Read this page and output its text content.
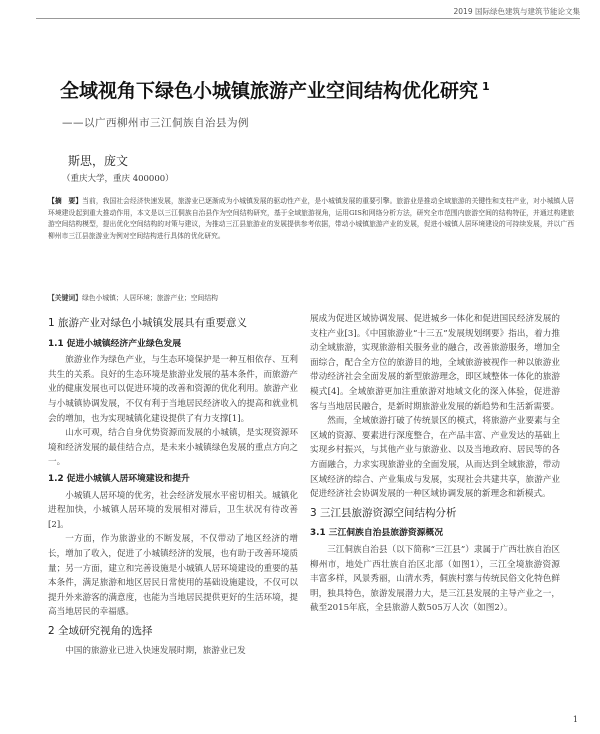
2019 国际绿色建筑与建筑节能论文集
全域视角下绿色小城镇旅游产业空间结构优化研究 $^1$
——以广西柳州市三江侗族自治县为例
斯思，庞文
（重庆大学，重庆 400000）
【摘　要】当前，我国社会经济快速发展，旅游业已逐渐成为小城镇发展的驱动性产业，是小城镇发展的重要引擎。旅游业是推动全域旅游的关键性和支柱产业，对小城镇人居环境建设起到重大推动作用，本文是以三江侗族自治县作为空间结构研究，基于全域旅游视角，运用GIS和网络分析方法，研究全市范围内旅游空间的结构特征，并通过构建旅游空间结构模型，提出优化空间结构的对策与建议，为推动三江县旅游业的发展提供参考依据，带动小城镇旅游产业的发展，促进小城镇人居环境建设的可持续发展，并以广西柳州市三江县旅游业为例对空间结构进行具体的优化研究。
【关键词】绿色小城镇；人居环境；旅游产业；空间结构
1 旅游产业对绿色小城镇发展具有重要意义
1.1 促进小城镇经济产业绿色发展

旅游业作为绿色产业，与生态环境保护是一种互相依存、互利共生的关系。良好的生态环境是旅游业发展的基本条件，而旅游产业的健康发展也可以促进环境的改善和资源的优化利用。旅游产业与小城镇协调发展，不仅有利于当地居民经济收入的提高和就业机会的增加，也为实现城镇化建设提供了有力支撑[1]。

山水可观，结合自身优势资源而发展的小城镇，是实现资源环境和经济发展的最佳结合点，是未来小城镇绿色发展的重点方向之一。

1.2 促进小城镇人居环境建设和提升

小城镇人居环境的优劣，社会经济发展水平密切相关。城镇化进程加快，小城镇人居环境的发展相对滞后，卫生状况有待改善[2]。

一方面，作为旅游业的不断发展，不仅带动了地区经济的增长，增加了收入，促进了小城镇经济的发展，也有助于改善环境质量；另一方面，建立和完善设施是小城镇人居环境建设的重要的基本条件，满足旅游和地区居民日常使用的基础设施建设，不仅可以提升外来游客的满意度，也能为当地居民提供更好的生活环境，提高当地居民的幸福感。

2 全域研究视角的选择

中国的旅游业已进入快速发展时期，旅游业已发

展成为促进区域协调发展、促进城乡一体化和促进国民经济发展的支柱产业[3]。《中国旅游业“十三五”发展规划纲要》指出，着力推动全域旅游，实现旅游相关服务业的融合，改善旅游服务，增加全面综合，配合全方位的旅游目的地，全域旅游被视作一种以旅游业带动经济社会全面发展的新型旅游理念，即区域整体一体化的旅游模式[4]。全域旅游更加注重旅游对地域文化的深入体验，促进游客与当地居民融合，是新时期旅游业发展的新趋势和生活新需要。

然而，全域旅游打破了传统景区的模式，将旅游产业要素与全区域的资源、要素进行深度整合，在产品丰富、产业发达的基础上实现乡村振兴，与其他产业与旅游业、以及当地政府、居民等的各方面融合，力求实现旅游业的全面发展，从而达到全域旅游，带动区域经济的综合、产业集成与发展，实现社会共建共享，旅游产业促进经济社会协调发展的一种区域协调发展的新理念和新模式。

3 三江县旅游资源空间结构分析
3.1 三江侗族自治县旅游资源概况

三江侗族自治县（以下简称“三江县”）隶属于广西壮族自治区柳州市，地处广西壮族自治区北部（如图1），三江全境旅游资源丰富多样，风景秀丽，山清水秀，侗族村寨与传统民俗文化特色鲜明，独具特色，旅游发展潜力大，是三江县发展的主导产业之一，截至2015年底，全县旅游人数505万人次（如图2）。

1
